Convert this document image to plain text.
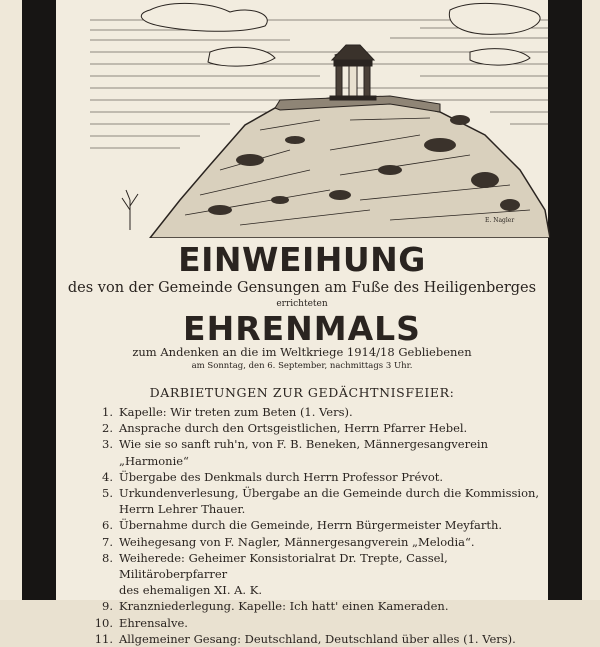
E. Nagler
EINWEIHUNG
des von der Gemeinde Gensungen am Fuße des Heiligenberges
errichteten
EHRENMALS
zum Andenken an die im Weltkriege 1914/18 Gebliebenen
am Sonntag, den 6. September, nachmittags 3 Uhr.
DARBIETUNGEN ZUR GEDÄCHTNISFEIER:
1. Kapelle: Wir treten zum Beten (1. Vers).
2. Ansprache durch den Ortsgeistlichen, Herrn Pfarrer Hebel.
3. Wie sie so sanft ruh'n, von F. B. Beneken, Männergesangverein „Harmonie“
4. Übergabe des Denkmals durch Herrn Professor Prévot.
5. Urkundenverlesung, Übergabe an die Gemeinde durch die Kommission,
Herrn Lehrer Thauer.
6. Übernahme durch die Gemeinde, Herrn Bürgermeister Meyfarth.
7. Weihegesang von F. Nagler, Männergesangverein „Melodia“.
8. Weiherede: Geheimer Konsistorialrat Dr. Trepte, Cassel, Militäroberpfarrer
des ehemaligen XI. A. K.
9. Kranzniederlegung. Kapelle: Ich hatt' einen Kameraden.
10. Ehrensalve.
11. Allgemeiner Gesang: Deutschland, Deutschland über alles (1. Vers).
